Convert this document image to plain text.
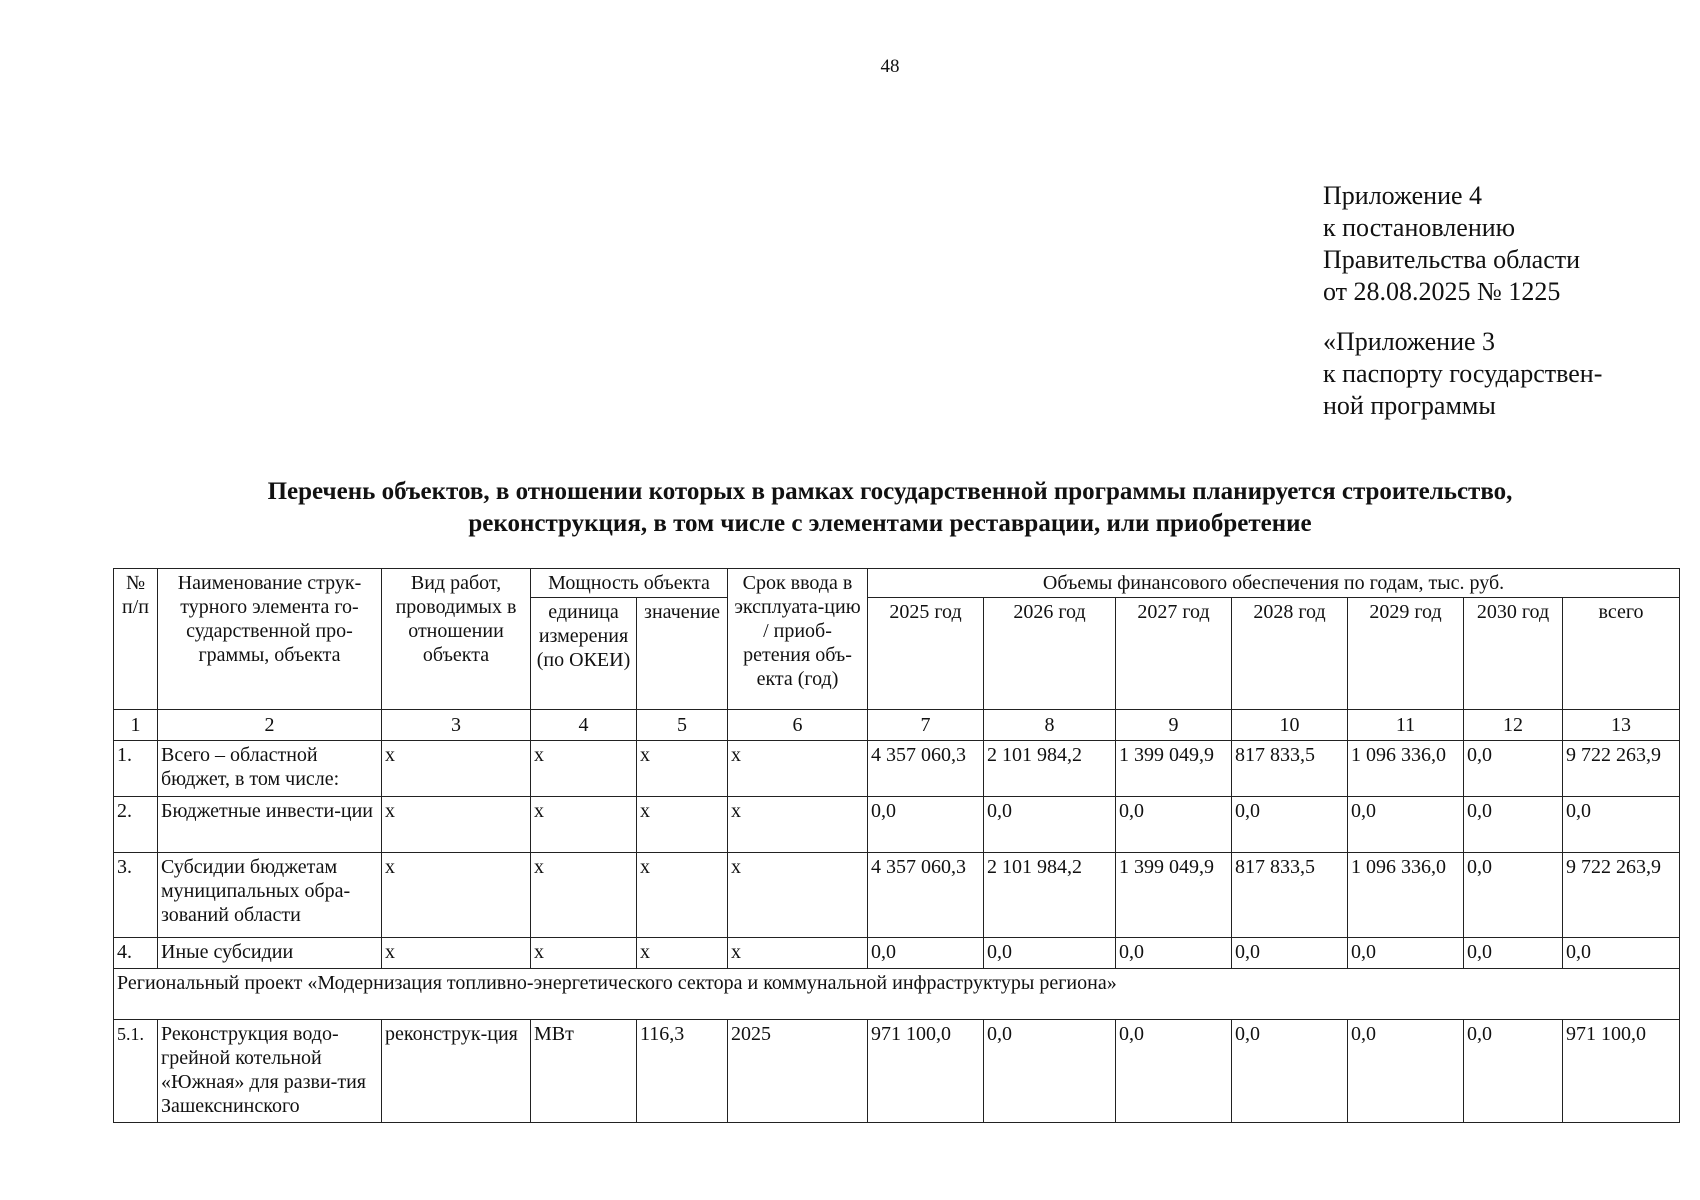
48
Приложение 4
к постановлению
Правительства области
от 28.08.2025 № 1225
«Приложение 3
к паспорту государствен-
ной программы
Перечень объектов, в отношении которых в рамках государственной программы планируется строительство,
реконструкция, в том числе с элементами реставрации, или приобретение
№ п/п	Наименование струк-турного элемента го-сударственной про-граммы, объекта	Вид работ, проводимых в отношении объекта	Мощность объекта		Срок ввода в эксплуата-цию / приоб-ретения объ-екта (год)	Объемы финансового обеспечения по годам, тыс. руб.						
			единица измерения (по ОКЕИ)	значение		2025 год	2026 год	2027 год	2028 год	2029 год	2030 год	всего
1	2	3	4	5	6	7	8	9	10	11	12	13
1.	Всего – областной бюджет, в том числе:	x	x	x	x	4 357 060,3	2 101 984,2	1 399 049,9	817 833,5	1 096 336,0	0,0	9 722 263,9
2.	Бюджетные инвести-ции	x	x	x	x	0,0	0,0	0,0	0,0	0,0	0,0	0,0
3.	Субсидии бюджетам муниципальных обра-зований области	x	x	x	x	4 357 060,3	2 101 984,2	1 399 049,9	817 833,5	1 096 336,0	0,0	9 722 263,9
4.	Иные субсидии	x	x	x	x	0,0	0,0	0,0	0,0	0,0	0,0	0,0
Региональный проект «Модернизация топливно-энергетического сектора и коммунальной инфраструктуры региона»												
5.1.	Реконструкция водо-грейной котельной «Южная» для разви-тия Зашекснинского	реконструк-ция	МВт	116,3	2025	971 100,0	0,0	0,0	0,0	0,0	0,0	971 100,0
